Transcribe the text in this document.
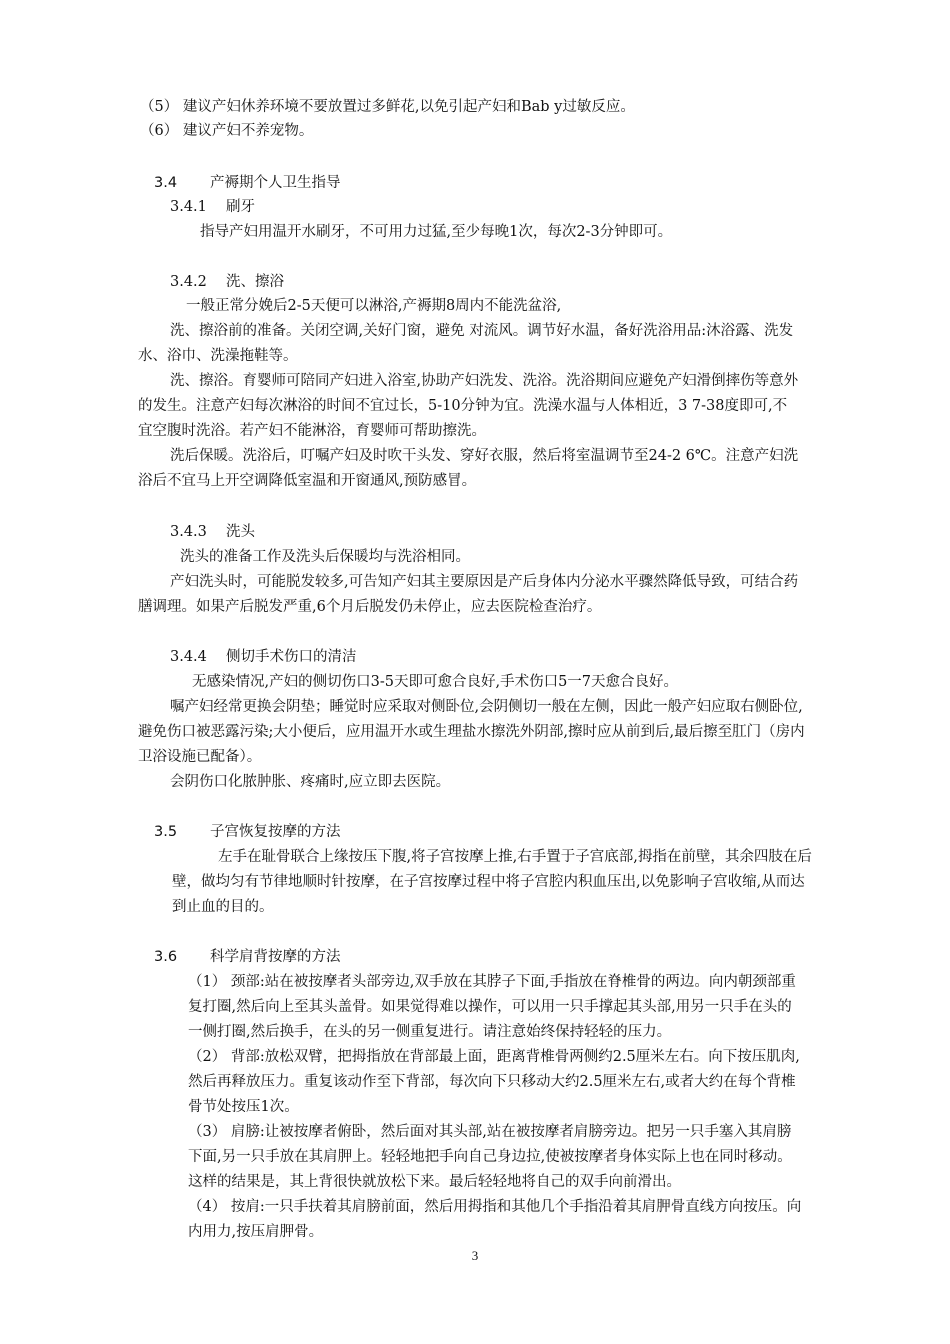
（5） 建议产妇休养环境不要放置过多鲜花,以免引起产妇和Bab y过敏反应。
（6） 建议产妇不养宠物。
3.4 产褥期个人卫生指导
3.4.1 刷牙
指导产妇用温开水刷牙，不可用力过猛,至少每晚1次，每次2-3分钟即可。
3.4.2 洗、擦浴
一般正常分娩后2-5天便可以淋浴,产褥期8周内不能洗盆浴,
洗、擦浴前的准备。关闭空调,关好门窗，避免 对流风。调节好水温，备好洗浴用品:沐浴露、洗发
水、浴巾、洗澡拖鞋等。
洗、擦浴。育婴师可陪同产妇进入浴室,协助产妇洗发、洗浴。洗浴期间应避免产妇滑倒摔伤等意外
的发生。注意产妇每次淋浴的时间不宜过长，5-10分钟为宜。洗澡水温与人体相近，3 7-38度即可,不
宜空腹时洗浴。若产妇不能淋浴，育婴师可帮助擦洗。
洗后保暖。洗浴后，叮嘱产妇及时吹干头发、穿好衣服，然后将室温调节至24-2 6℃。注意产妇洗
浴后不宜马上开空调降低室温和开窗通风,预防感冒。
3.4.3 洗头
洗头的准备工作及洗头后保暖均与洗浴相同。
产妇洗头时，可能脱发较多,可告知产妇其主要原因是产后身体内分泌水平骤然降低导致，可结合药
膳调理。如果产后脱发严重,6个月后脱发仍未停止，应去医院检查治疗。
3.4.4 侧切手术伤口的清洁
无感染情况,产妇的侧切伤口3-5天即可愈合良好,手术伤口5一7天愈合良好。
嘱产妇经常更换会阴垫；睡觉时应采取对侧卧位,会阴侧切一般在左侧，因此一般产妇应取右侧卧位,
避免伤口被恶露污染;大小便后，应用温开水或生理盐水擦洗外阴部,擦时应从前到后,最后擦至肛门（房内
卫浴设施已配备）。
会阴伤口化脓肿胀、疼痛时,应立即去医院。
3.5 子宫恢复按摩的方法
左手在耻骨联合上缘按压下腹,将子宫按摩上推,右手置于子宫底部,拇指在前壁，其余四肢在后
壁，做均匀有节律地顺时针按摩，在子宫按摩过程中将子宫腔内积血压出,以免影响子宫收缩,从而达
到止血的目的。
3.6 科学肩背按摩的方法
（1） 颈部:站在被按摩者头部旁边,双手放在其脖子下面,手指放在脊椎骨的两边。向内朝颈部重
复打圈,然后向上至其头盖骨。如果觉得难以操作，可以用一只手撑起其头部,用另一只手在头的
一侧打圈,然后换手，在头的另一侧重复进行。请注意始终保持轻轻的压力。
（2） 背部:放松双臂，把拇指放在背部最上面，距离背椎骨两侧约2.5厘米左右。向下按压肌肉,
然后再释放压力。重复该动作至下背部，每次向下只移动大约2.5厘米左右,或者大约在每个背椎
骨节处按压1次。
（3） 肩膀:让被按摩者俯卧，然后面对其头部,站在被按摩者肩膀旁边。把另一只手塞入其肩膀
下面,另一只手放在其肩胛上。轻轻地把手向自己身边拉,使被按摩者身体实际上也在同时移动。
这样的结果是，其上背很快就放松下来。最后轻轻地将自己的双手向前滑出。
（4） 按肩:一只手扶着其肩膀前面，然后用拇指和其他几个手指沿着其肩胛骨直线方向按压。向
内用力,按压肩胛骨。
3
